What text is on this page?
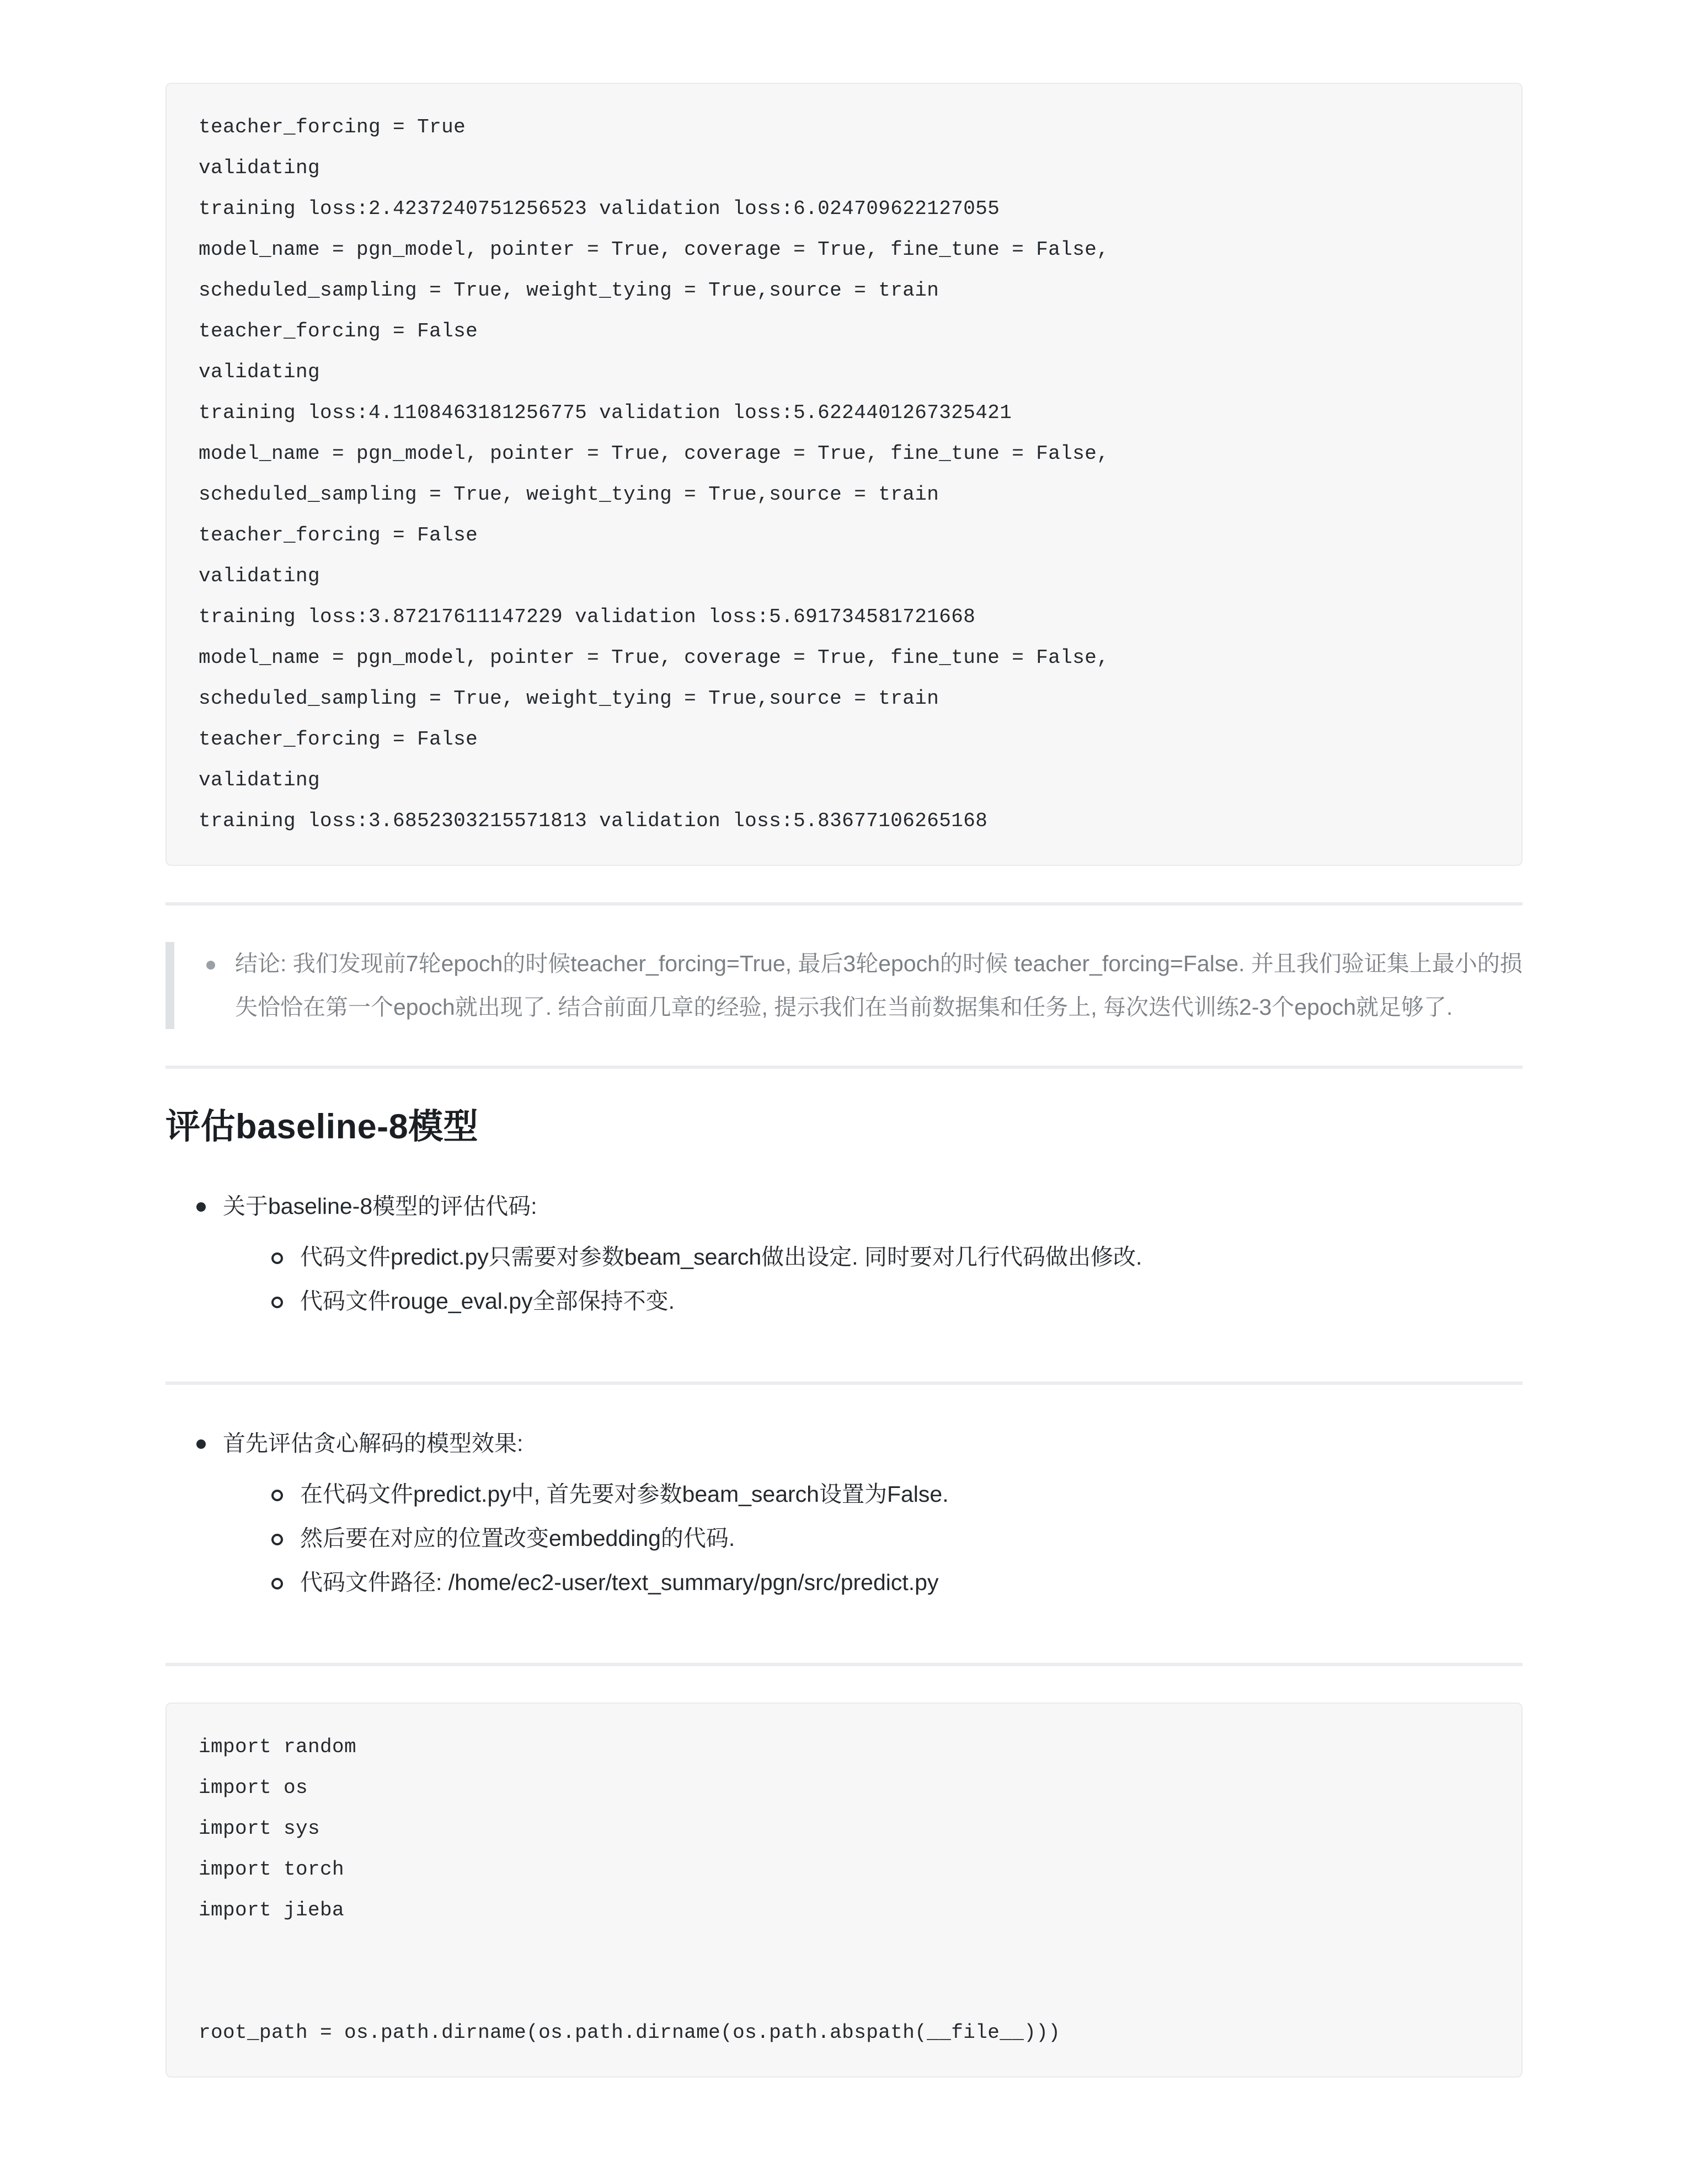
teacher_forcing = True
validating
training loss:2.4237240751256523 validation loss:6.024709622127055
model_name = pgn_model, pointer = True, coverage = True, fine_tune = False,
scheduled_sampling = True, weight_tying = True,source = train
teacher_forcing = False
validating
training loss:4.1108463181256775 validation loss:5.6224401267325421
model_name = pgn_model, pointer = True, coverage = True, fine_tune = False,
scheduled_sampling = True, weight_tying = True,source = train
teacher_forcing = False
validating
training loss:3.87217611147229 validation loss:5.691734581721668
model_name = pgn_model, pointer = True, coverage = True, fine_tune = False,
scheduled_sampling = True, weight_tying = True,source = train
teacher_forcing = False
validating
training loss:3.6852303215571813 validation loss:5.83677106265168
结论: 我们发现前7轮epoch的时候teacher_forcing=True, 最后3轮epoch的时候 teacher_forcing=False. 并且我们验证集上最小的损失恰恰在第一个epoch就出现了. 结合前面几章的经验, 提示我们在当前数据集和任务上, 每次迭代训练2-3个epoch就足够了.
评估baseline-8模型
关于baseline-8模型的评估代码:
代码文件predict.py只需要对参数beam_search做出设定. 同时要对几行代码做出修改.
代码文件rouge_eval.py全部保持不变.
首先评估贪心解码的模型效果:
在代码文件predict.py中, 首先要对参数beam_search设置为False.
然后要在对应的位置改变embedding的代码.
代码文件路径: /home/ec2-user/text_summary/pgn/src/predict.py
import random
import os
import sys
import torch
import jieba
root_path = os.path.dirname(os.path.dirname(os.path.abspath(__file__)))
